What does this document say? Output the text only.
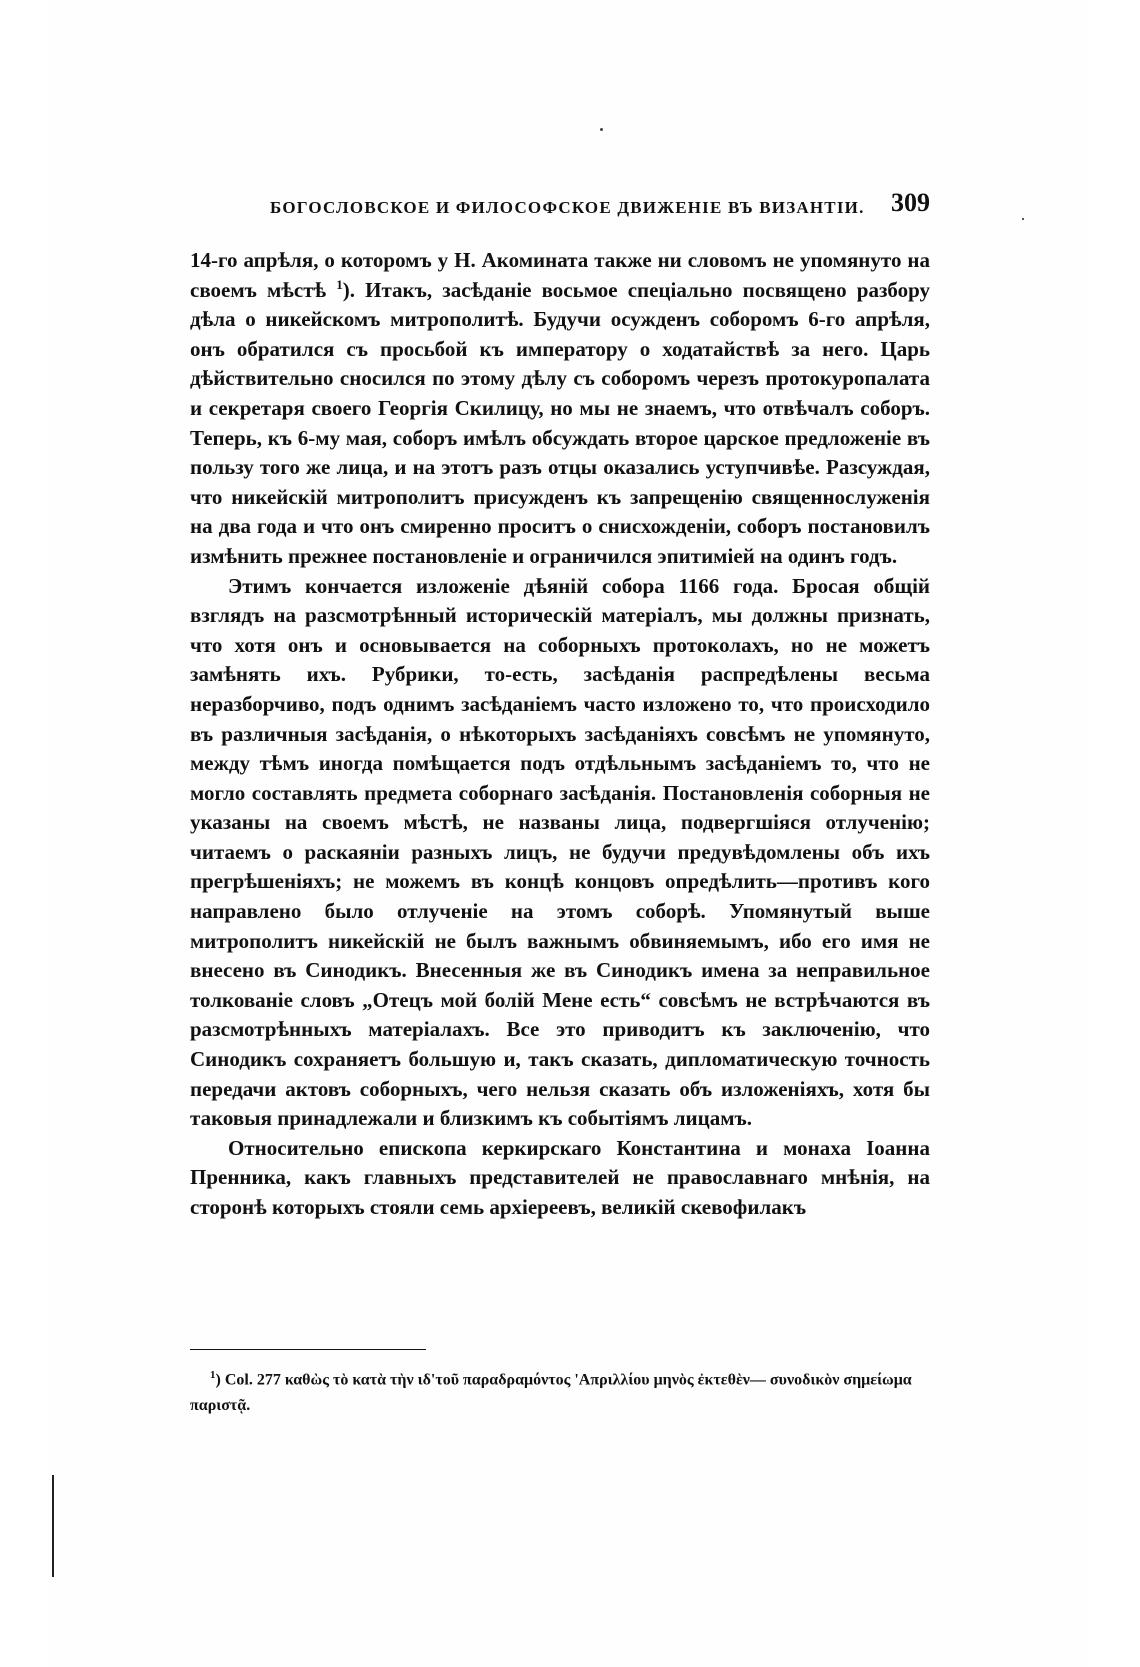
БОГОСЛОВСКОЕ И ФИЛОСОФСКОЕ ДВИЖЕНІЕ ВЪ ВИЗАНТІИ. 309

14-го апрѣля, о которомъ у Н. Акомината также ни словомъ не упомянуто на своемъ мѣстѣ $^1$). Итакъ, засѣданіе восьмое спеціально посвящено разбору дѣла о никейскомъ митрополитѣ. Будучи осужденъ соборомъ 6-го апрѣля, онъ обратился съ просьбой къ императору о ходатайствѣ за него. Царь дѣйствительно сносился по этому дѣлу съ соборомъ черезъ протокуропалата и секретаря своего Георгія Скилицу, но мы не знаемъ, что отвѣчалъ соборъ. Теперь, къ 6-му мая, соборъ имѣлъ обсуждать второе царское предложеніе въ пользу того же лица, и на этотъ разъ отцы оказались уступчивѣе. Разсуждая, что никейскій митрополитъ присужденъ къ запрещенію священнослуженія на два года и что онъ смиренно проситъ о снисхожденіи, соборъ постановилъ измѣнить прежнее постановленіе и ограничился эпитиміей на одинъ годъ.

Этимъ кончается изложеніе дѣяній собора 1166 года. Бросая общій взглядъ на разсмотрѣнный историческій матеріалъ, мы должны признать, что хотя онъ и основывается на соборныхъ протоколахъ, но не можетъ замѣнять ихъ. Рубрики, то-есть, засѣданія распредѣлены весьма неразборчиво, подъ однимъ засѣданіемъ часто изложено то, что происходило въ различныя засѣданія, о нѣкоторыхъ засѣданіяхъ совсѣмъ не упомянуто, между тѣмъ иногда помѣщается подъ отдѣльнымъ засѣданіемъ то, что не могло составлять предмета соборнаго засѣданія. Постановленія соборныя не указаны на своемъ мѣстѣ, не названы лица, подвергшіяся отлученію; читаемъ о раскаяніи разныхъ лицъ, не будучи предувѣдомлены объ ихъ прегрѣшеніяхъ; не можемъ въ концѣ концовъ опредѣлить—противъ кого направлено было отлученіе на этомъ соборѣ. Упомянутый выше митрополитъ никейскій не былъ важнымъ обвиняемымъ, ибо его имя не внесено въ Синодикъ. Внесенныя же въ Синодикъ имена за неправильное толкованіе словъ „Отецъ мой болій Мене есть“ совсѣмъ не встрѣчаются въ разсмотрѣнныхъ матеріалахъ. Все это приводитъ къ заключенію, что Синодикъ сохраняетъ большую и, такъ сказать, дипломатическую точность передачи актовъ соборныхъ, чего нельзя сказать объ изложеніяхъ, хотя бы таковыя принадлежали и близкимъ къ событіямъ лицамъ.

Относительно епископа керкирскаго Константина и монаха Іоанна Пренника, какъ главныхъ представителей не православнаго мнѣнія, на сторонѣ которыхъ стояли семь архіереевъ, великій скевофилакъ

$^1$) Col. 277 καθὼς τὸ κατὰ τὴν ιδ'τοῦ παραδραμόντος 'Απριλλίου μηνὸς ἐκτεθὲν— συνοδικὸν σημείωμα παριστᾷ.
